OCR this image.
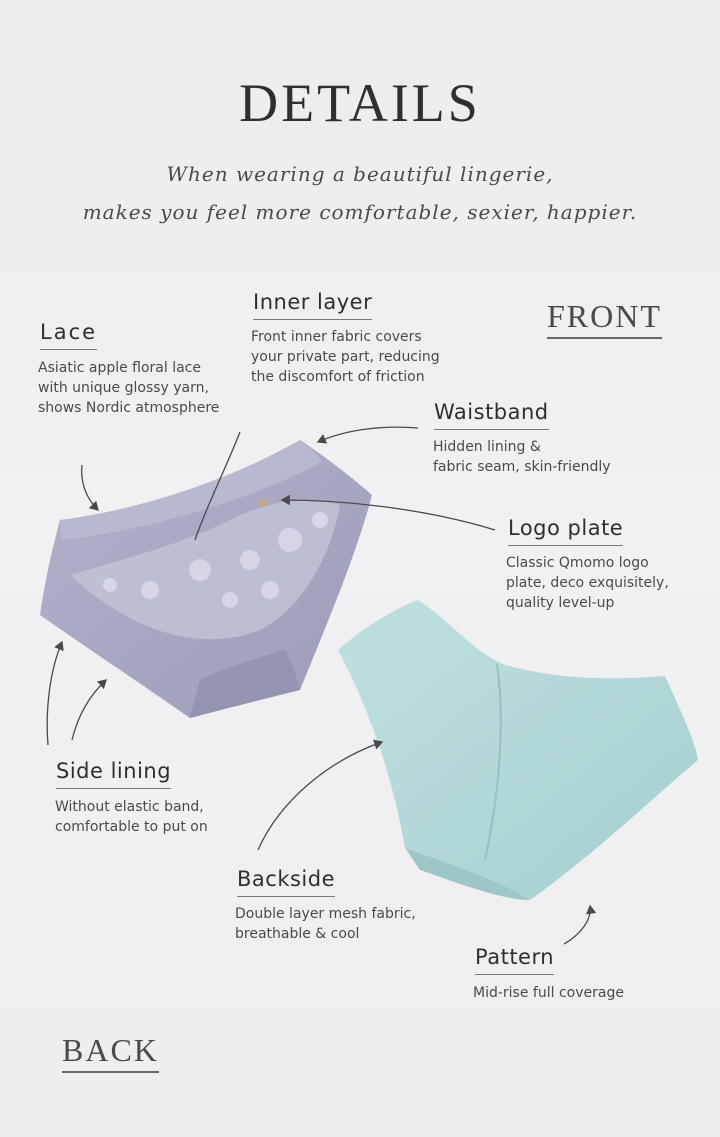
DETAILS
When wearing a beautiful lingerie,
makes you feel more comfortable, sexier, happier.
FRONT
BACK
Lace
Asiatic apple floral lace
with unique glossy yarn,
shows Nordic atmosphere
Inner layer
Front inner fabric covers
your private part, reducing
the discomfort of friction
Waistband
Hidden lining &
fabric seam, skin-friendly
Logo plate
Classic Qmomo logo
plate, deco exquisitely,
quality level-up
Side lining
Without elastic band,
comfortable to put on
Backside
Double layer mesh fabric,
breathable & cool
Pattern
Mid-rise full coverage
